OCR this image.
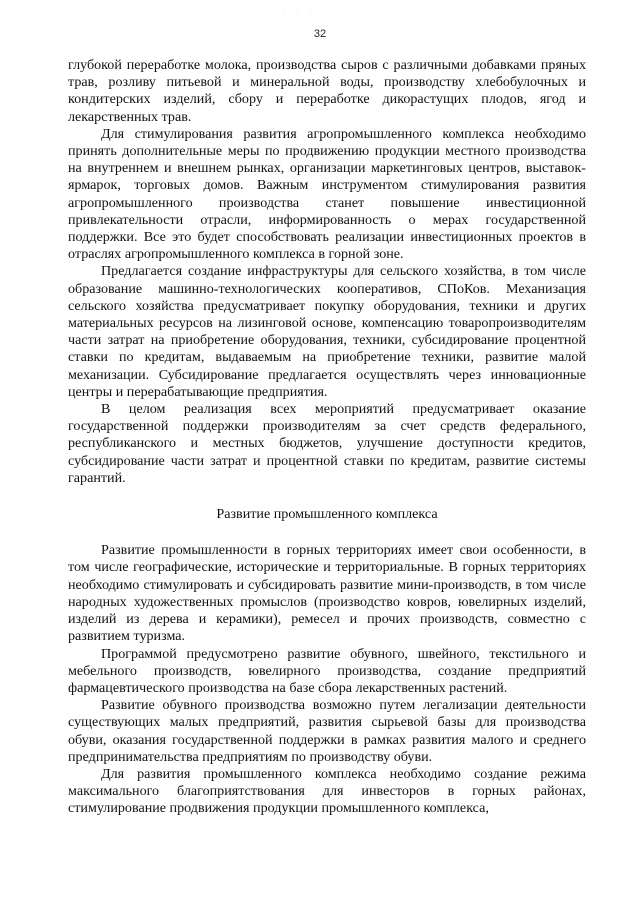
· · ·
32

глубокой переработке молока, производства сыров с различными добавками пряных трав, розливу питьевой и минеральной воды, производству хлебобулочных и кондитерских изделий, сбору и переработке дикорастущих плодов, ягод и лекарственных трав.

Для стимулирования развития агропромышленного комплекса необходимо принять дополнительные меры по продвижению продукции местного производства на внутреннем и внешнем рынках, организации маркетинговых центров, выставок-ярмарок, торговых домов. Важным инструментом стимулирования развития агропромышленного производства станет повышение инвестиционной привлекательности отрасли, информированность о мерах государственной поддержки. Все это будет способствовать реализации инвестиционных проектов в отраслях агропромышленного комплекса в горной зоне.

Предлагается создание инфраструктуры для сельского хозяйства, в том числе образование машинно-технологических кооперативов, СПоКов. Механизация сельского хозяйства предусматривает покупку оборудования, техники и других материальных ресурсов на лизинговой основе, компенсацию товаропроизводителям части затрат на приобретение оборудования, техники, субсидирование процентной ставки по кредитам, выдаваемым на приобретение техники, развитие малой механизации. Субсидирование предлагается осуществлять через инновационные центры и перерабатывающие предприятия.

В целом реализация всех мероприятий предусматривает оказание государственной поддержки производителям за счет средств федерального, республиканского и местных бюджетов, улучшение доступности кредитов, субсидирование части затрат и процентной ставки по кредитам, развитие системы гарантий.

Развитие промышленного комплекса

Развитие промышленности в горных территориях имеет свои особенности, в том числе географические, исторические и территориальные. В горных территориях необходимо стимулировать и субсидировать развитие мини-производств, в том числе народных художественных промыслов (производство ковров, ювелирных изделий, изделий из дерева и керамики), ремесел и прочих производств, совместно с развитием туризма.

Программой предусмотрено развитие обувного, швейного, текстильного и мебельного производств, ювелирного производства, создание предприятий фармацевтического производства на базе сбора лекарственных растений.

Развитие обувного производства возможно путем легализации деятельности существующих малых предприятий, развития сырьевой базы для производства обуви, оказания государственной поддержки в рамках развития малого и среднего предпринимательства предприятиям по производству обуви.

Для развития промышленного комплекса необходимо создание режима максимального благоприятствования для инвесторов в горных районах, стимулирование продвижения продукции промышленного комплекса,
